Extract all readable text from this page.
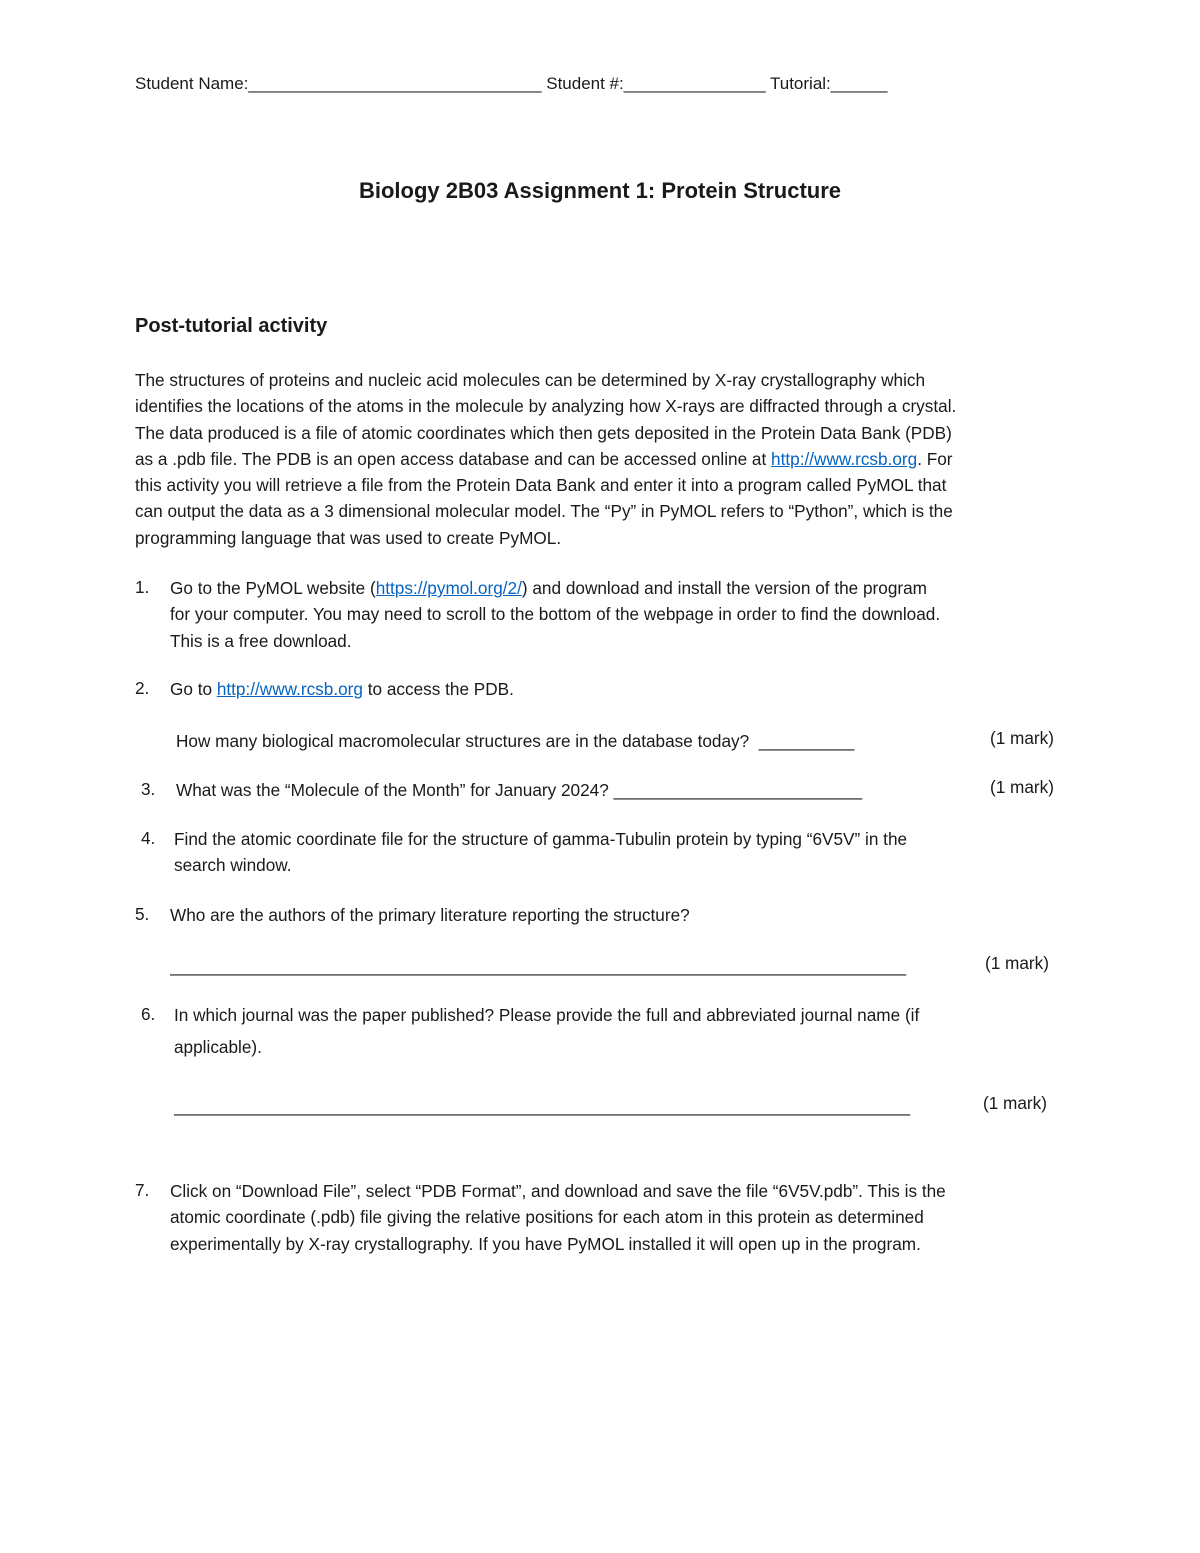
Student Name:_______________________________ Student #:_______________ Tutorial:______
Biology 2B03 Assignment 1: Protein Structure
Post-tutorial activity
The structures of proteins and nucleic acid molecules can be determined by X-ray crystallography which
identifies the locations of the atoms in the molecule by analyzing how X-rays are diffracted through a crystal.
The data produced is a file of atomic coordinates which then gets deposited in the Protein Data Bank (PDB)
as a .pdb file. The PDB is an open access database and can be accessed online at http://www.rcsb.org. For
this activity you will retrieve a file from the Protein Data Bank and enter it into a program called PyMOL that
can output the data as a 3 dimensional molecular model. The “Py” in PyMOL refers to “Python”, which is the
programming language that was used to create PyMOL.
1. Go to the PyMOL website (https://pymol.org/2/) and download and install the version of the program
for your computer. You may need to scroll to the bottom of the webpage in order to find the download.
This is a free download.
2. Go to http://www.rcsb.org to access the PDB.
How many biological macromolecular structures are in the database today? __________	(1 mark)
3. What was the “Molecule of the Month” for January 2024? __________________________	(1 mark)
4. Find the atomic coordinate file for the structure of gamma-Tubulin protein by typing “6V5V” in the
search window.
5. Who are the authors of the primary literature reporting the structure?
_____________________________________________________________________________	(1 mark)
6. In which journal was the paper published? Please provide the full and abbreviated journal name (if
applicable).
_____________________________________________________________________________	(1 mark)
7. Click on “Download File”, select “PDB Format”, and download and save the file “6V5V.pdb”. This is the
atomic coordinate (.pdb) file giving the relative positions for each atom in this protein as determined
experimentally by X-ray crystallography. If you have PyMOL installed it will open up in the program.
